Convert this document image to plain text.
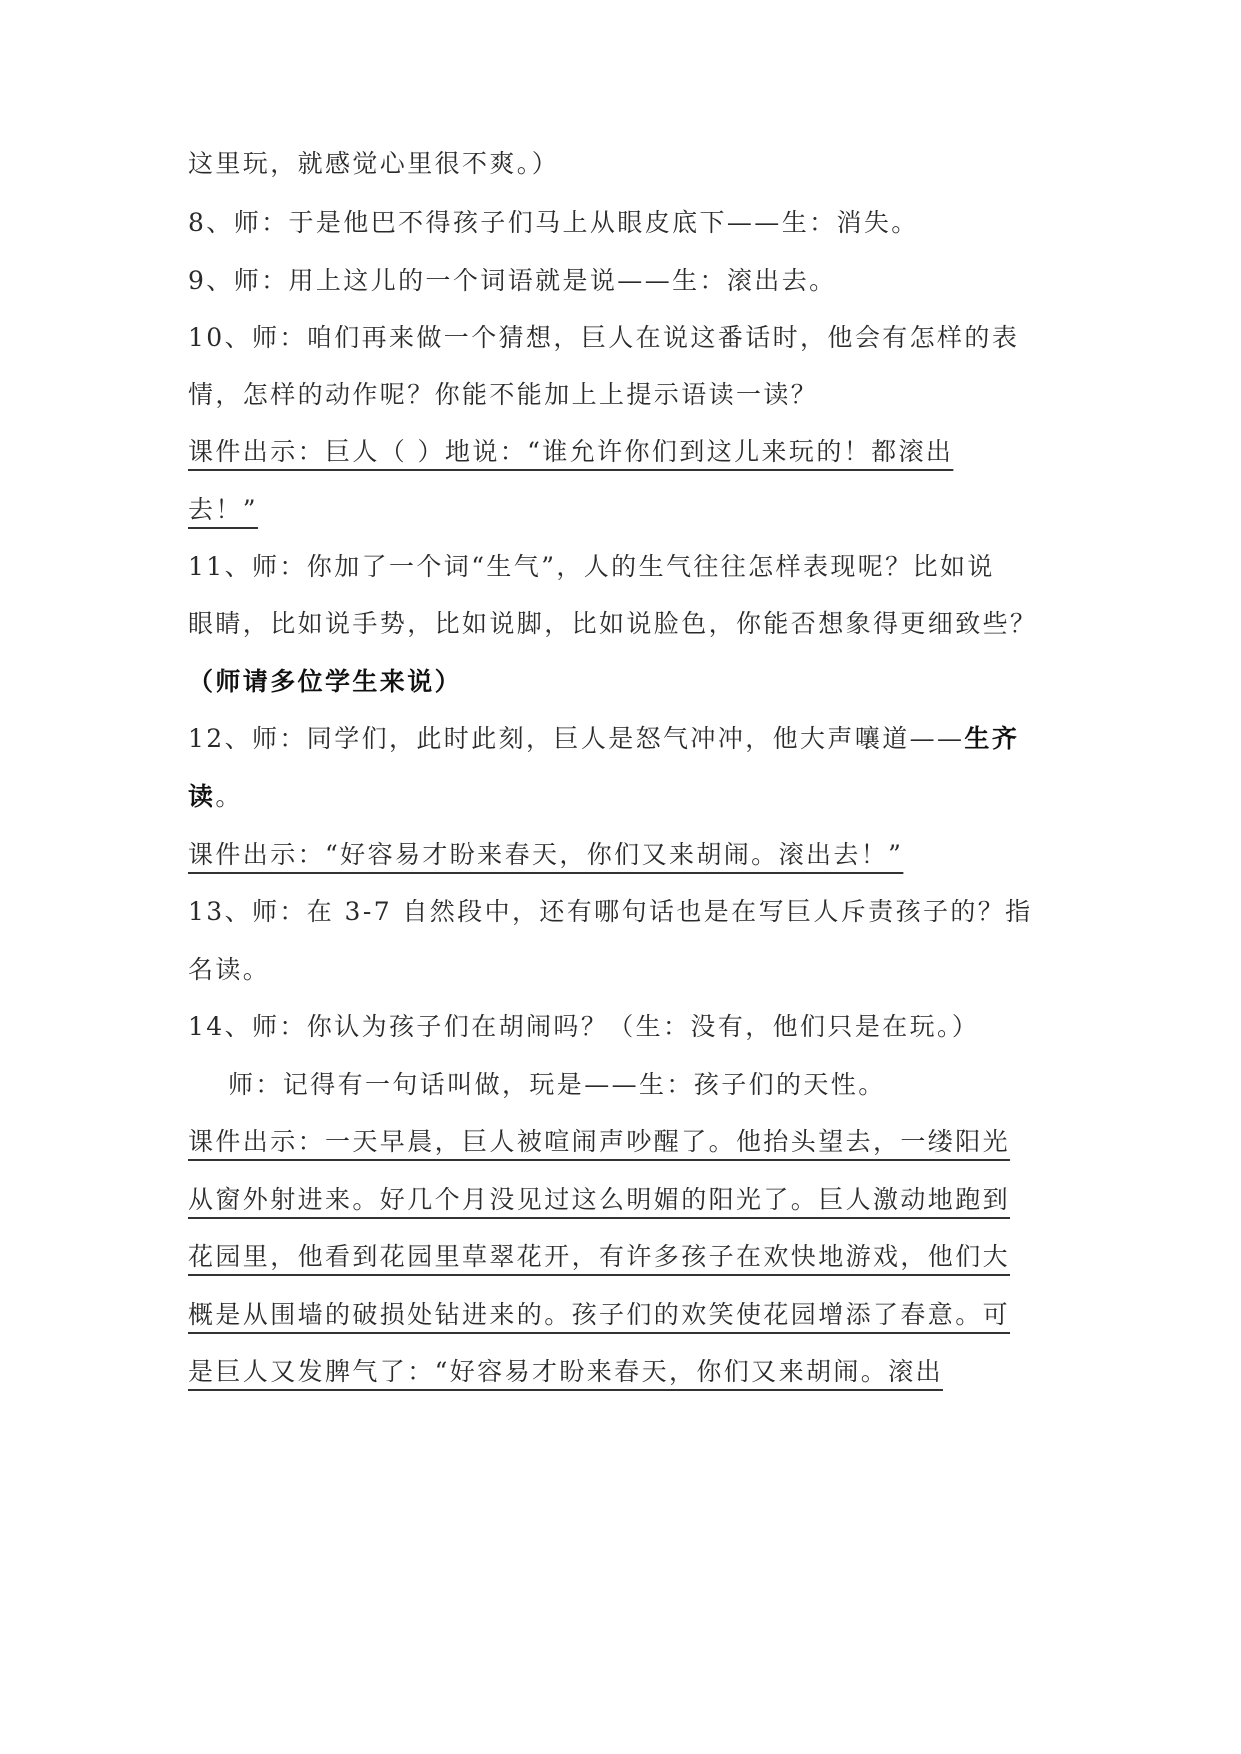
这里玩，就感觉心里很不爽。）
8、师：于是他巴不得孩子们马上从眼皮底下——生：消失。
9、师：用上这儿的一个词语就是说——生：滚出去。
10、师：咱们再来做一个猜想，巨人在说这番话时，他会有怎样的表
情，怎样的动作呢？你能不能加上上提示语读一读？
课件出示：巨人（ ）地说：“谁允许你们到这儿来玩的！都滚出
去！”
11、师：你加了一个词“生气”，人的生气往往怎样表现呢？比如说
眼睛，比如说手势，比如说脚，比如说脸色，你能否想象得更细致些？
（师请多位学生来说）
12、师：同学们，此时此刻，巨人是怒气冲冲，他大声嚷道——生齐
读。
课件出示：“好容易才盼来春天，你们又来胡闹。滚出去！”
13、师：在 3-7 自然段中，还有哪句话也是在写巨人斥责孩子的？指
名读。
14、师：你认为孩子们在胡闹吗？（生：没有，他们只是在玩。）
师：记得有一句话叫做，玩是——生：孩子们的天性。
课件出示：一天早晨，巨人被喧闹声吵醒了。他抬头望去，一缕阳光
从窗外射进来。好几个月没见过这么明媚的阳光了。巨人激动地跑到
花园里，他看到花园里草翠花开，有许多孩子在欢快地游戏，他们大
概是从围墙的破损处钻进来的。孩子们的欢笑使花园增添了春意。可
是巨人又发脾气了：“好容易才盼来春天，你们又来胡闹。滚出
